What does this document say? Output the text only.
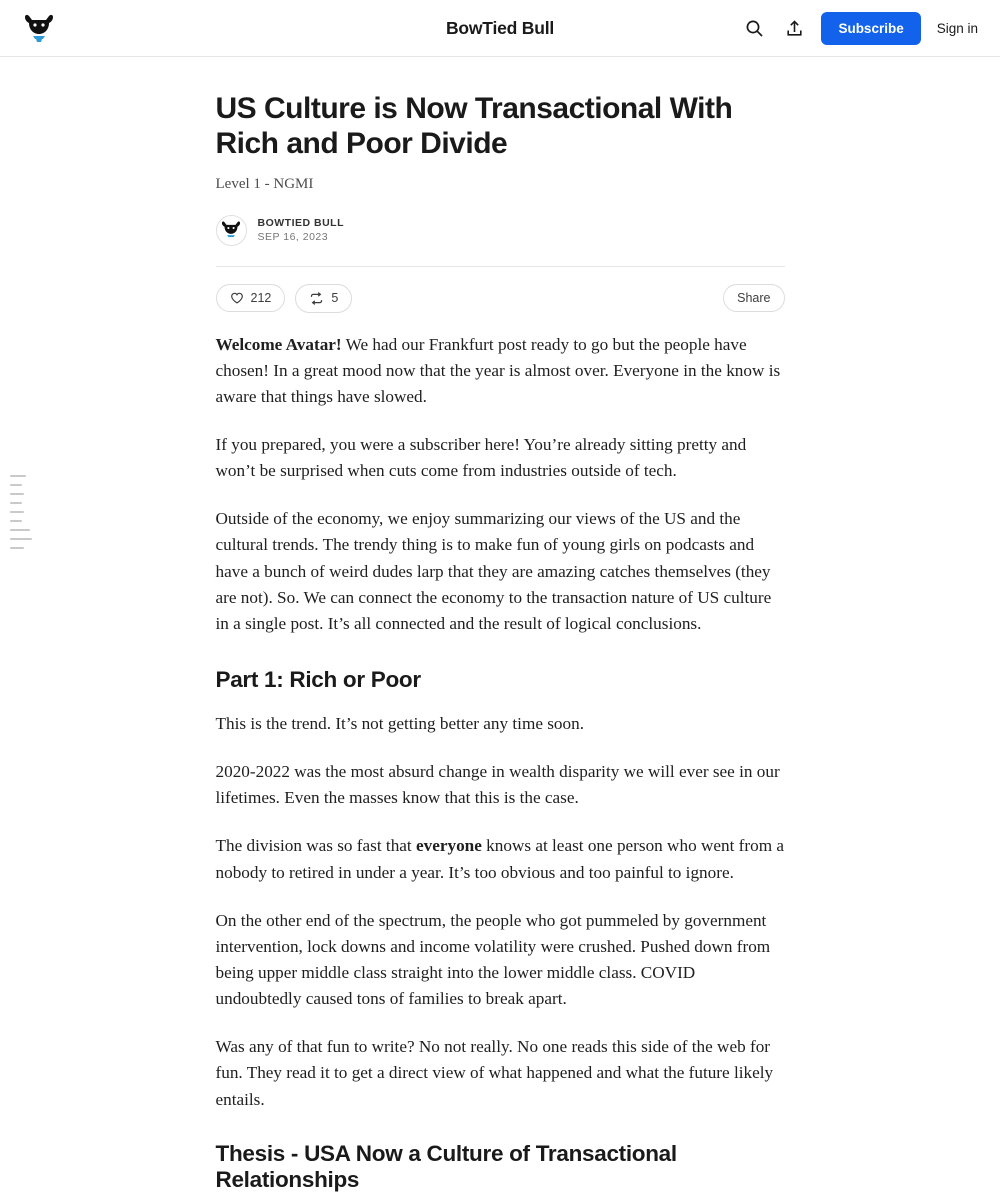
BowTied Bull	Subscribe	Sign in
US Culture is Now Transactional With Rich and Poor Divide
Level 1 - NGMI
BOWTIED BULL
SEP 16, 2023
212	5	Share

Welcome Avatar! We had our Frankfurt post ready to go but the people have chosen! In a great mood now that the year is almost over. Everyone in the know is aware that things have slowed.

If you prepared, you were a subscriber here! You’re already sitting pretty and won’t be surprised when cuts come from industries outside of tech.

Outside of the economy, we enjoy summarizing our views of the US and the cultural trends. The trendy thing is to make fun of young girls on podcasts and have a bunch of weird dudes larp that they are amazing catches themselves (they are not). So. We can connect the economy to the transaction nature of US culture in a single post. It’s all connected and the result of logical conclusions.

Part 1: Rich or Poor

This is the trend. It’s not getting better any time soon.

2020-2022 was the most absurd change in wealth disparity we will ever see in our lifetimes. Even the masses know that this is the case.

The division was so fast that everyone knows at least one person who went from a nobody to retired in under a year. It’s too obvious and too painful to ignore.

On the other end of the spectrum, the people who got pummeled by government intervention, lock downs and income volatility were crushed. Pushed down from being upper middle class straight into the lower middle class. COVID undoubtedly caused tons of families to break apart.

Was any of that fun to write? No not really. No one reads this side of the web for fun. They read it to get a direct view of what happened and what the future likely entails.

Thesis - USA Now a Culture of Transactional Relationships
